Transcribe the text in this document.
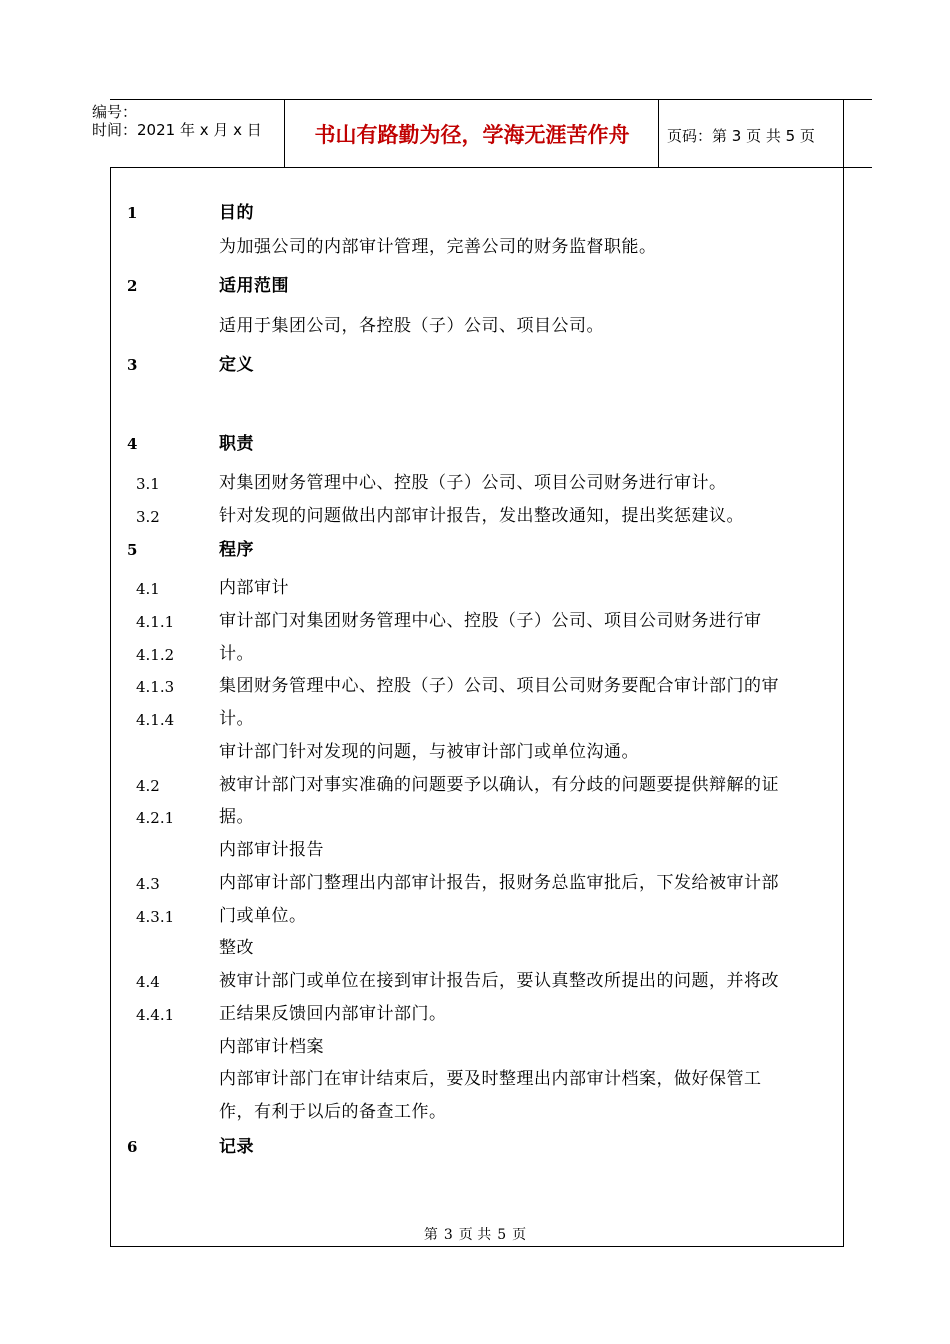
编号：
时间：2021 年 x 月 x 日	书山有路勤为径，学海无涯苦作舟	页码：第 3 页 共 5 页
1
2
3
4
3.1
3.2
5
4.1
4.1.1
4.1.2
4.1.3
4.1.4
4.2
4.2.1
4.3
4.3.1
4.4
4.4.1
6
目的
为加强公司的内部审计管理，完善公司的财务监督职能。
适用范围
适用于集团公司，各控股（子）公司、项目公司。
定义
职责
对集团财务管理中心、控股（子）公司、项目公司财务进行审计。
针对发现的问题做出内部审计报告，发出整改通知，提出奖惩建议。
程序
内部审计
审计部门对集团财务管理中心、控股（子）公司、项目公司财务进行审
计。
集团财务管理中心、控股（子）公司、项目公司财务要配合审计部门的审
计。
审计部门针对发现的问题，与被审计部门或单位沟通。
被审计部门对事实准确的问题要予以确认，有分歧的问题要提供辩解的证
据。
内部审计报告
内部审计部门整理出内部审计报告，报财务总监审批后，下发给被审计部
门或单位。
整改
被审计部门或单位在接到审计报告后，要认真整改所提出的问题，并将改
正结果反馈回内部审计部门。
内部审计档案
内部审计部门在审计结束后，要及时整理出内部审计档案，做好保管工
作，有利于以后的备查工作。
记录
第 3 页 共 5 页
